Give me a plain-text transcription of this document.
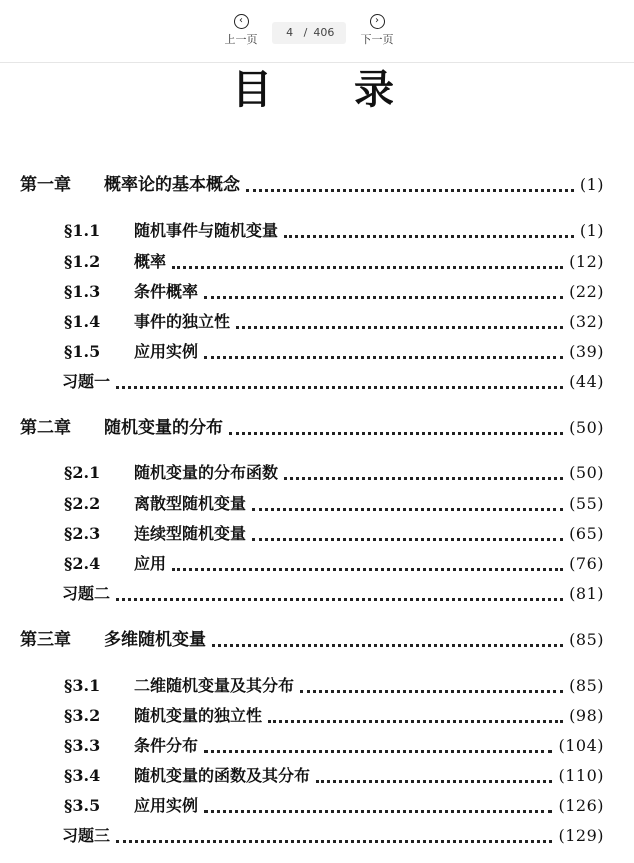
‹
上一页
4 / 406
›
下一页
目 录
第一章	概率论的基本概念	(1)
§1.1	随机事件与随机变量	(1)
§1.2	概率	(12)
§1.3	条件概率	(22)
§1.4	事件的独立性	(32)
§1.5	应用实例	(39)
习题一	(44)
第二章	随机变量的分布	(50)
§2.1	随机变量的分布函数	(50)
§2.2	离散型随机变量	(55)
§2.3	连续型随机变量	(65)
§2.4	应用	(76)
习题二	(81)
第三章	多维随机变量	(85)
§3.1	二维随机变量及其分布	(85)
§3.2	随机变量的独立性	(98)
§3.3	条件分布	(104)
§3.4	随机变量的函数及其分布	(110)
§3.5	应用实例	(126)
习题三	(129)
